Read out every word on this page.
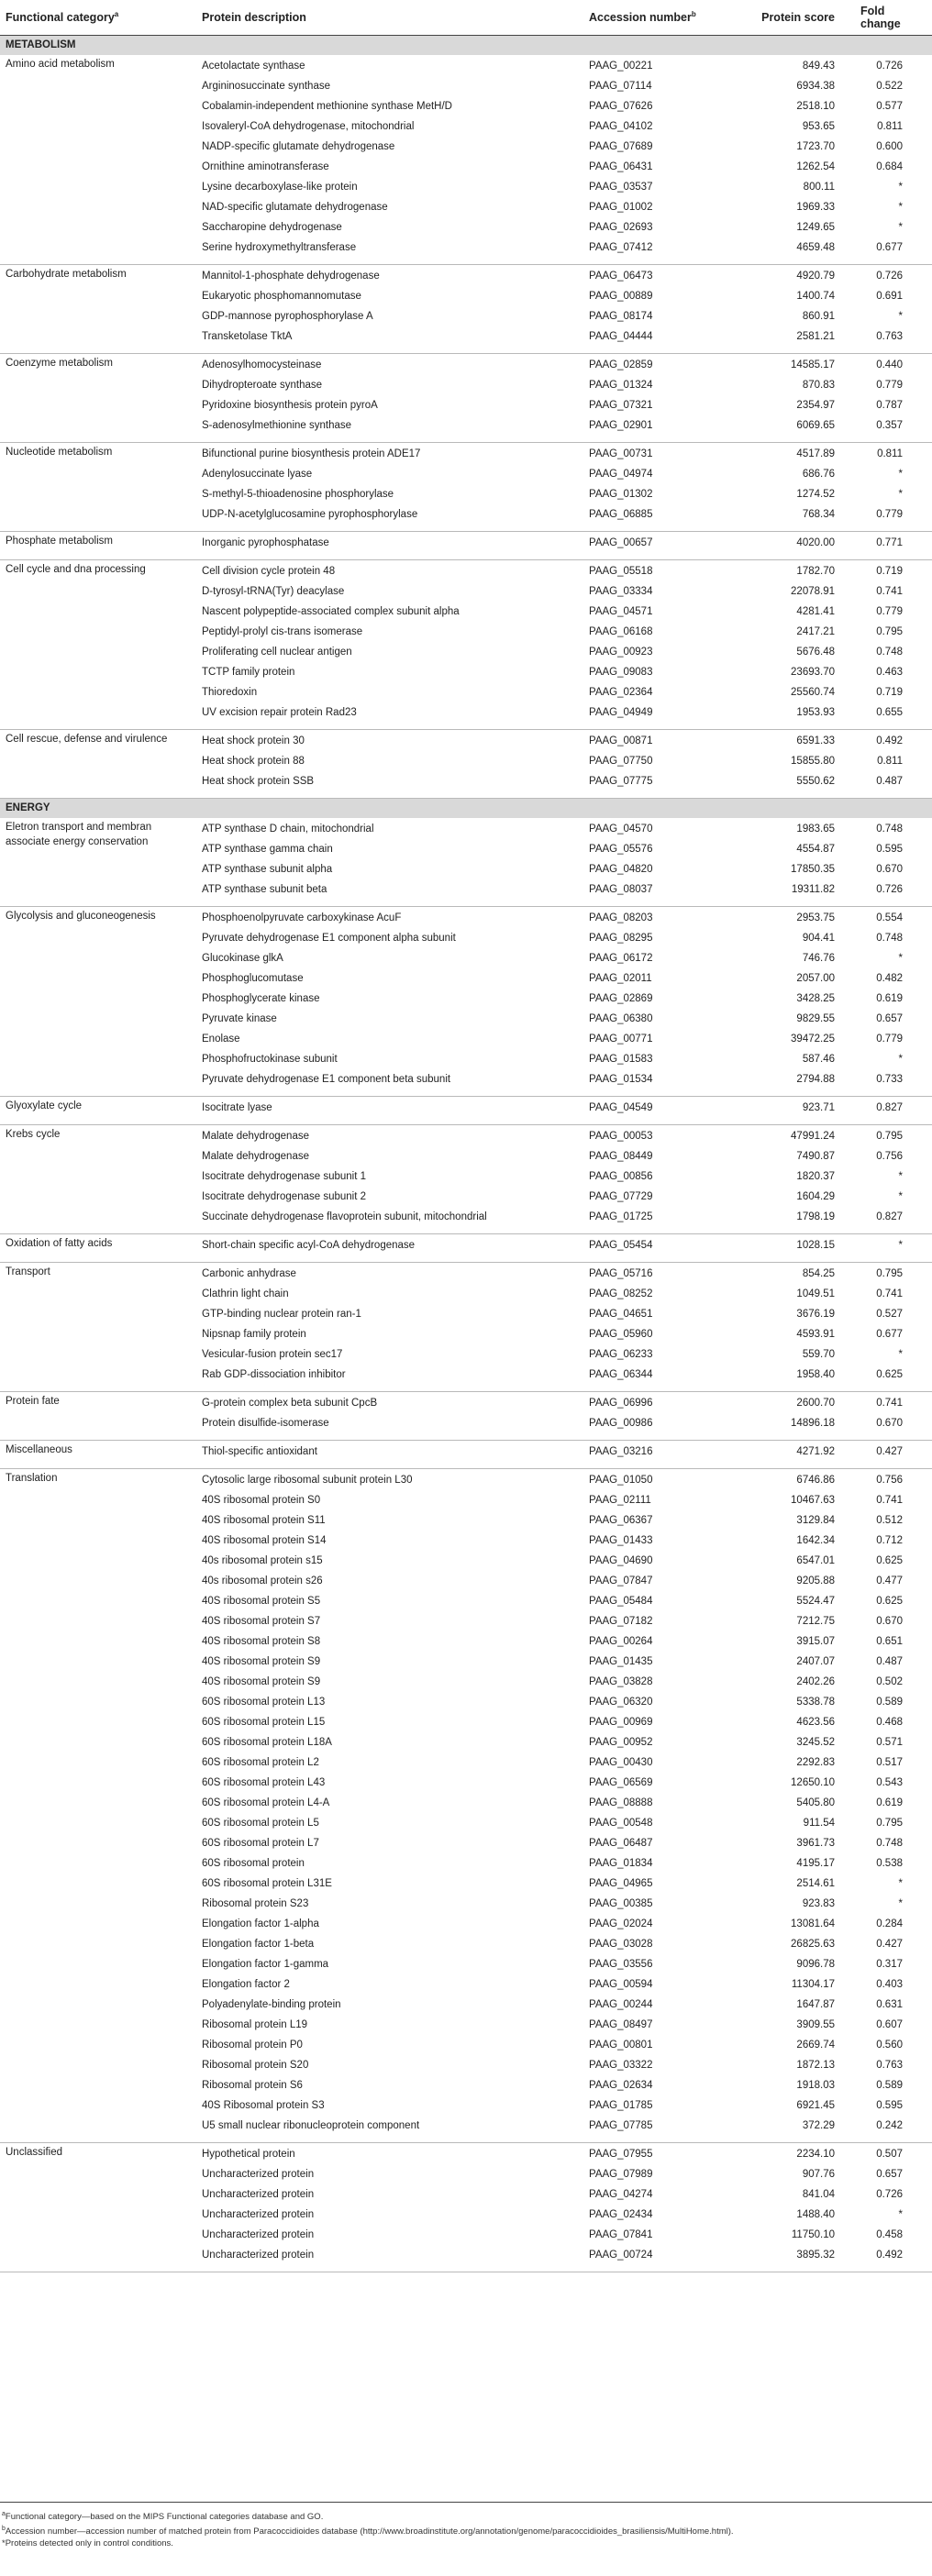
Functional category$^a$	Protein description	Accession number$^b$	Protein score	Fold change
METABOLISM				
Amino acid metabolism	Acetolactate synthase	PAAG_00221	849.43	0.726
	Argininosuccinate synthase	PAAG_07114	6934.38	0.522
	Cobalamin-independent methionine synthase MetH/D	PAAG_07626	2518.10	0.577
	Isovaleryl-CoA dehydrogenase, mitochondrial	PAAG_04102	953.65	0.811
	NADP-specific glutamate dehydrogenase	PAAG_07689	1723.70	0.600
	Ornithine aminotransferase	PAAG_06431	1262.54	0.684
	Lysine decarboxylase-like protein	PAAG_03537	800.11	*
	NAD-specific glutamate dehydrogenase	PAAG_01002	1969.33	*
	Saccharopine dehydrogenase	PAAG_02693	1249.65	*
	Serine hydroxymethyltransferase	PAAG_07412	4659.48	0.677
Carbohydrate metabolism	Mannitol-1-phosphate dehydrogenase	PAAG_06473	4920.79	0.726
	Eukaryotic phosphomannomutase	PAAG_00889	1400.74	0.691
	GDP-mannose pyrophosphorylase A	PAAG_08174	860.91	*
	Transketolase TktA	PAAG_04444	2581.21	0.763
Coenzyme metabolism	Adenosylhomocysteinase	PAAG_02859	14585.17	0.440
	Dihydropteroate synthase	PAAG_01324	870.83	0.779
	Pyridoxine biosynthesis protein pyroA	PAAG_07321	2354.97	0.787
	S-adenosylmethionine synthase	PAAG_02901	6069.65	0.357
Nucleotide metabolism	Bifunctional purine biosynthesis protein ADE17	PAAG_00731	4517.89	0.811
	Adenylosuccinate lyase	PAAG_04974	686.76	*
	S-methyl-5-thioadenosine phosphorylase	PAAG_01302	1274.52	*
	UDP-N-acetylglucosamine pyrophosphorylase	PAAG_06885	768.34	0.779
Phosphate metabolism	Inorganic pyrophosphatase	PAAG_00657	4020.00	0.771
Cell cycle and dna processing	Cell division cycle protein 48	PAAG_05518	1782.70	0.719
	D-tyrosyl-tRNA(Tyr) deacylase	PAAG_03334	22078.91	0.741
	Nascent polypeptide-associated complex subunit alpha	PAAG_04571	4281.41	0.779
	Peptidyl-prolyl cis-trans isomerase	PAAG_06168	2417.21	0.795
	Proliferating cell nuclear antigen	PAAG_00923	5676.48	0.748
	TCTP family protein	PAAG_09083	23693.70	0.463
	Thioredoxin	PAAG_02364	25560.74	0.719
	UV excision repair protein Rad23	PAAG_04949	1953.93	0.655
Cell rescue, defense and virulence	Heat shock protein 30	PAAG_00871	6591.33	0.492
	Heat shock protein 88	PAAG_07750	15855.80	0.811
	Heat shock protein SSB	PAAG_07775	5550.62	0.487
ENERGY				
Eletron transport and membran associate energy conservation	ATP synthase D chain, mitochondrial	PAAG_04570	1983.65	0.748
	ATP synthase gamma chain	PAAG_05576	4554.87	0.595
	ATP synthase subunit alpha	PAAG_04820	17850.35	0.670
	ATP synthase subunit beta	PAAG_08037	19311.82	0.726
Glycolysis and gluconeogenesis	Phosphoenolpyruvate carboxykinase AcuF	PAAG_08203	2953.75	0.554
	Pyruvate dehydrogenase E1 component alpha subunit	PAAG_08295	904.41	0.748
	Glucokinase glkA	PAAG_06172	746.76	*
	Phosphoglucomutase	PAAG_02011	2057.00	0.482
	Phosphoglycerate kinase	PAAG_02869	3428.25	0.619
	Pyruvate kinase	PAAG_06380	9829.55	0.657
	Enolase	PAAG_00771	39472.25	0.779
	Phosphofructokinase subunit	PAAG_01583	587.46	*
	Pyruvate dehydrogenase E1 component beta subunit	PAAG_01534	2794.88	0.733
Glyoxylate cycle	Isocitrate lyase	PAAG_04549	923.71	0.827
Krebs cycle	Malate dehydrogenase	PAAG_00053	47991.24	0.795
	Malate dehydrogenase	PAAG_08449	7490.87	0.756
	Isocitrate dehydrogenase subunit 1	PAAG_00856	1820.37	*
	Isocitrate dehydrogenase subunit 2	PAAG_07729	1604.29	*
	Succinate dehydrogenase flavoprotein subunit, mitochondrial	PAAG_01725	1798.19	0.827
Oxidation of fatty acids	Short-chain specific acyl-CoA dehydrogenase	PAAG_05454	1028.15	*
Transport	Carbonic anhydrase	PAAG_05716	854.25	0.795
	Clathrin light chain	PAAG_08252	1049.51	0.741
	GTP-binding nuclear protein ran-1	PAAG_04651	3676.19	0.527
	Nipsnap family protein	PAAG_05960	4593.91	0.677
	Vesicular-fusion protein sec17	PAAG_06233	559.70	*
	Rab GDP-dissociation inhibitor	PAAG_06344	1958.40	0.625
Protein fate	G-protein complex beta subunit CpcB	PAAG_06996	2600.70	0.741
	Protein disulfide-isomerase	PAAG_00986	14896.18	0.670
Miscellaneous	Thiol-specific antioxidant	PAAG_03216	4271.92	0.427
Translation	Cytosolic large ribosomal subunit protein L30	PAAG_01050	6746.86	0.756
	40S ribosomal protein S0	PAAG_02111	10467.63	0.741
	40S ribosomal protein S11	PAAG_06367	3129.84	0.512
	40S ribosomal protein S14	PAAG_01433	1642.34	0.712
	40s ribosomal protein s15	PAAG_04690	6547.01	0.625
	40s ribosomal protein s26	PAAG_07847	9205.88	0.477
	40S ribosomal protein S5	PAAG_05484	5524.47	0.625
	40S ribosomal protein S7	PAAG_07182	7212.75	0.670
	40S ribosomal protein S8	PAAG_00264	3915.07	0.651
	40S ribosomal protein S9	PAAG_01435	2407.07	0.487
	40S ribosomal protein S9	PAAG_03828	2402.26	0.502
	60S ribosomal protein L13	PAAG_06320	5338.78	0.589
	60S ribosomal protein L15	PAAG_00969	4623.56	0.468
	60S ribosomal protein L18A	PAAG_00952	3245.52	0.571
	60S ribosomal protein L2	PAAG_00430	2292.83	0.517
	60S ribosomal protein L43	PAAG_06569	12650.10	0.543
	60S ribosomal protein L4-A	PAAG_08888	5405.80	0.619
	60S ribosomal protein L5	PAAG_00548	911.54	0.795
	60S ribosomal protein L7	PAAG_06487	3961.73	0.748
	60S ribosomal protein	PAAG_01834	4195.17	0.538
	60S ribosomal protein L31E	PAAG_04965	2514.61	*
	Ribosomal protein S23	PAAG_00385	923.83	*
	Elongation factor 1-alpha	PAAG_02024	13081.64	0.284
	Elongation factor 1-beta	PAAG_03028	26825.63	0.427
	Elongation factor 1-gamma	PAAG_03556	9096.78	0.317
	Elongation factor 2	PAAG_00594	11304.17	0.403
	Polyadenylate-binding protein	PAAG_00244	1647.87	0.631
	Ribosomal protein L19	PAAG_08497	3909.55	0.607
	Ribosomal protein P0	PAAG_00801	2669.74	0.560
	Ribosomal protein S20	PAAG_03322	1872.13	0.763
	Ribosomal protein S6	PAAG_02634	1918.03	0.589
	40S Ribosomal protein S3	PAAG_01785	6921.45	0.595
	U5 small nuclear ribonucleoprotein component	PAAG_07785	372.29	0.242
Unclassified	Hypothetical protein	PAAG_07955	2234.10	0.507
	Uncharacterized protein	PAAG_07989	907.76	0.657
	Uncharacterized protein	PAAG_04274	841.04	0.726
	Uncharacterized protein	PAAG_02434	1488.40	*
	Uncharacterized protein	PAAG_07841	11750.10	0.458
	Uncharacterized protein	PAAG_00724	3895.32	0.492
$^a$Functional category—based on the MIPS Functional categories database and GO.
$^b$Accession number—accession number of matched protein from Paracoccidioides database (http://www.broadinstitute.org/annotation/genome/paracoccidioides_brasiliensis/MultiHome.html).
*Proteins detected only in control conditions.
